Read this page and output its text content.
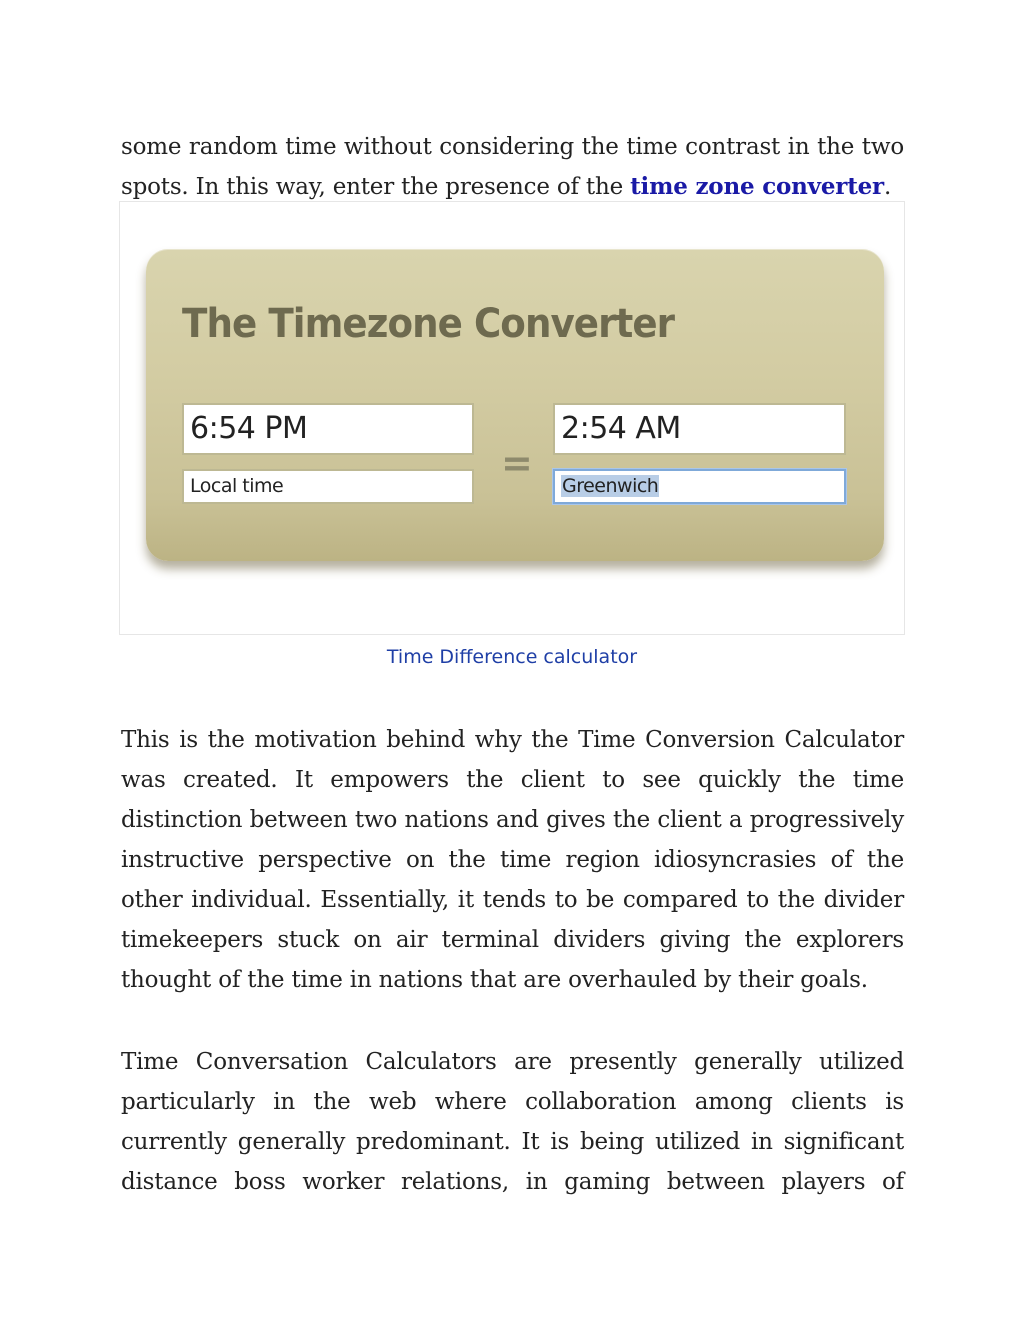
some random time without considering the time contrast in the two
spots. In this way, enter the presence of the time zone converter.
The Timezone Converter
6:54 PM
Local time
=
2:54 AM
Greenwich
Time Difference calculator
This is the motivation behind why the Time Conversion Calculator
was created. It empowers the client to see quickly the time
distinction between two nations and gives the client a progressively
instructive perspective on the time region idiosyncrasies of the
other individual. Essentially, it tends to be compared to the divider
timekeepers stuck on air terminal dividers giving the explorers
thought of the time in nations that are overhauled by their goals.
Time Conversation Calculators are presently generally utilized
particularly in the web where collaboration among clients is
currently generally predominant. It is being utilized in significant
distance boss worker relations, in gaming between players of
